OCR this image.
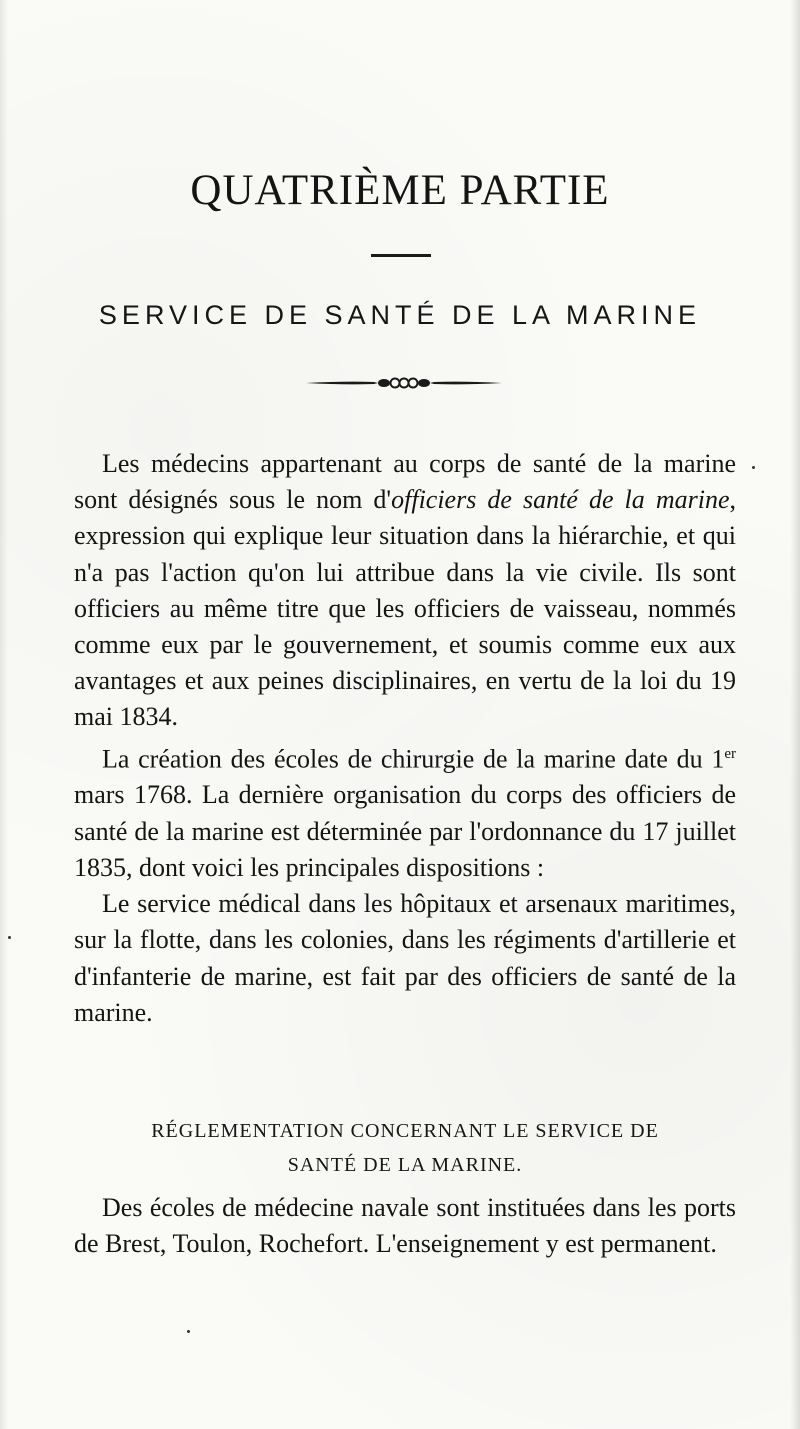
QUATRIÈME PARTIE
SERVICE DE SANTÉ DE LA MARINE

Les médecins appartenant au corps de santé de la marine sont désignés sous le nom d'officiers de santé de la marine, expression qui explique leur situation dans la hiérarchie, et qui n'a pas l'action qu'on lui attribue dans la vie civile. Ils sont officiers au même titre que les officiers de vaisseau, nommés comme eux par le gouvernement, et soumis comme eux aux avantages et aux peines disciplinaires, en vertu de la loi du 19 mai 1834.

La création des écoles de chirurgie de la marine date du 1er mars 1768. La dernière organisation du corps des officiers de santé de la marine est déterminée par l'ordonnance du 17 juillet 1835, dont voici les principales dispositions :

Le service médical dans les hôpitaux et arsenaux maritimes, sur la flotte, dans les colonies, dans les régiments d'artillerie et d'infanterie de marine, est fait par des officiers de santé de la marine.

RÉGLEMENTATION CONCERNANT LE SERVICE DE
SANTÉ DE LA MARINE.

Des écoles de médecine navale sont instituées dans les ports de Brest, Toulon, Rochefort. L'enseignement y est permanent.
